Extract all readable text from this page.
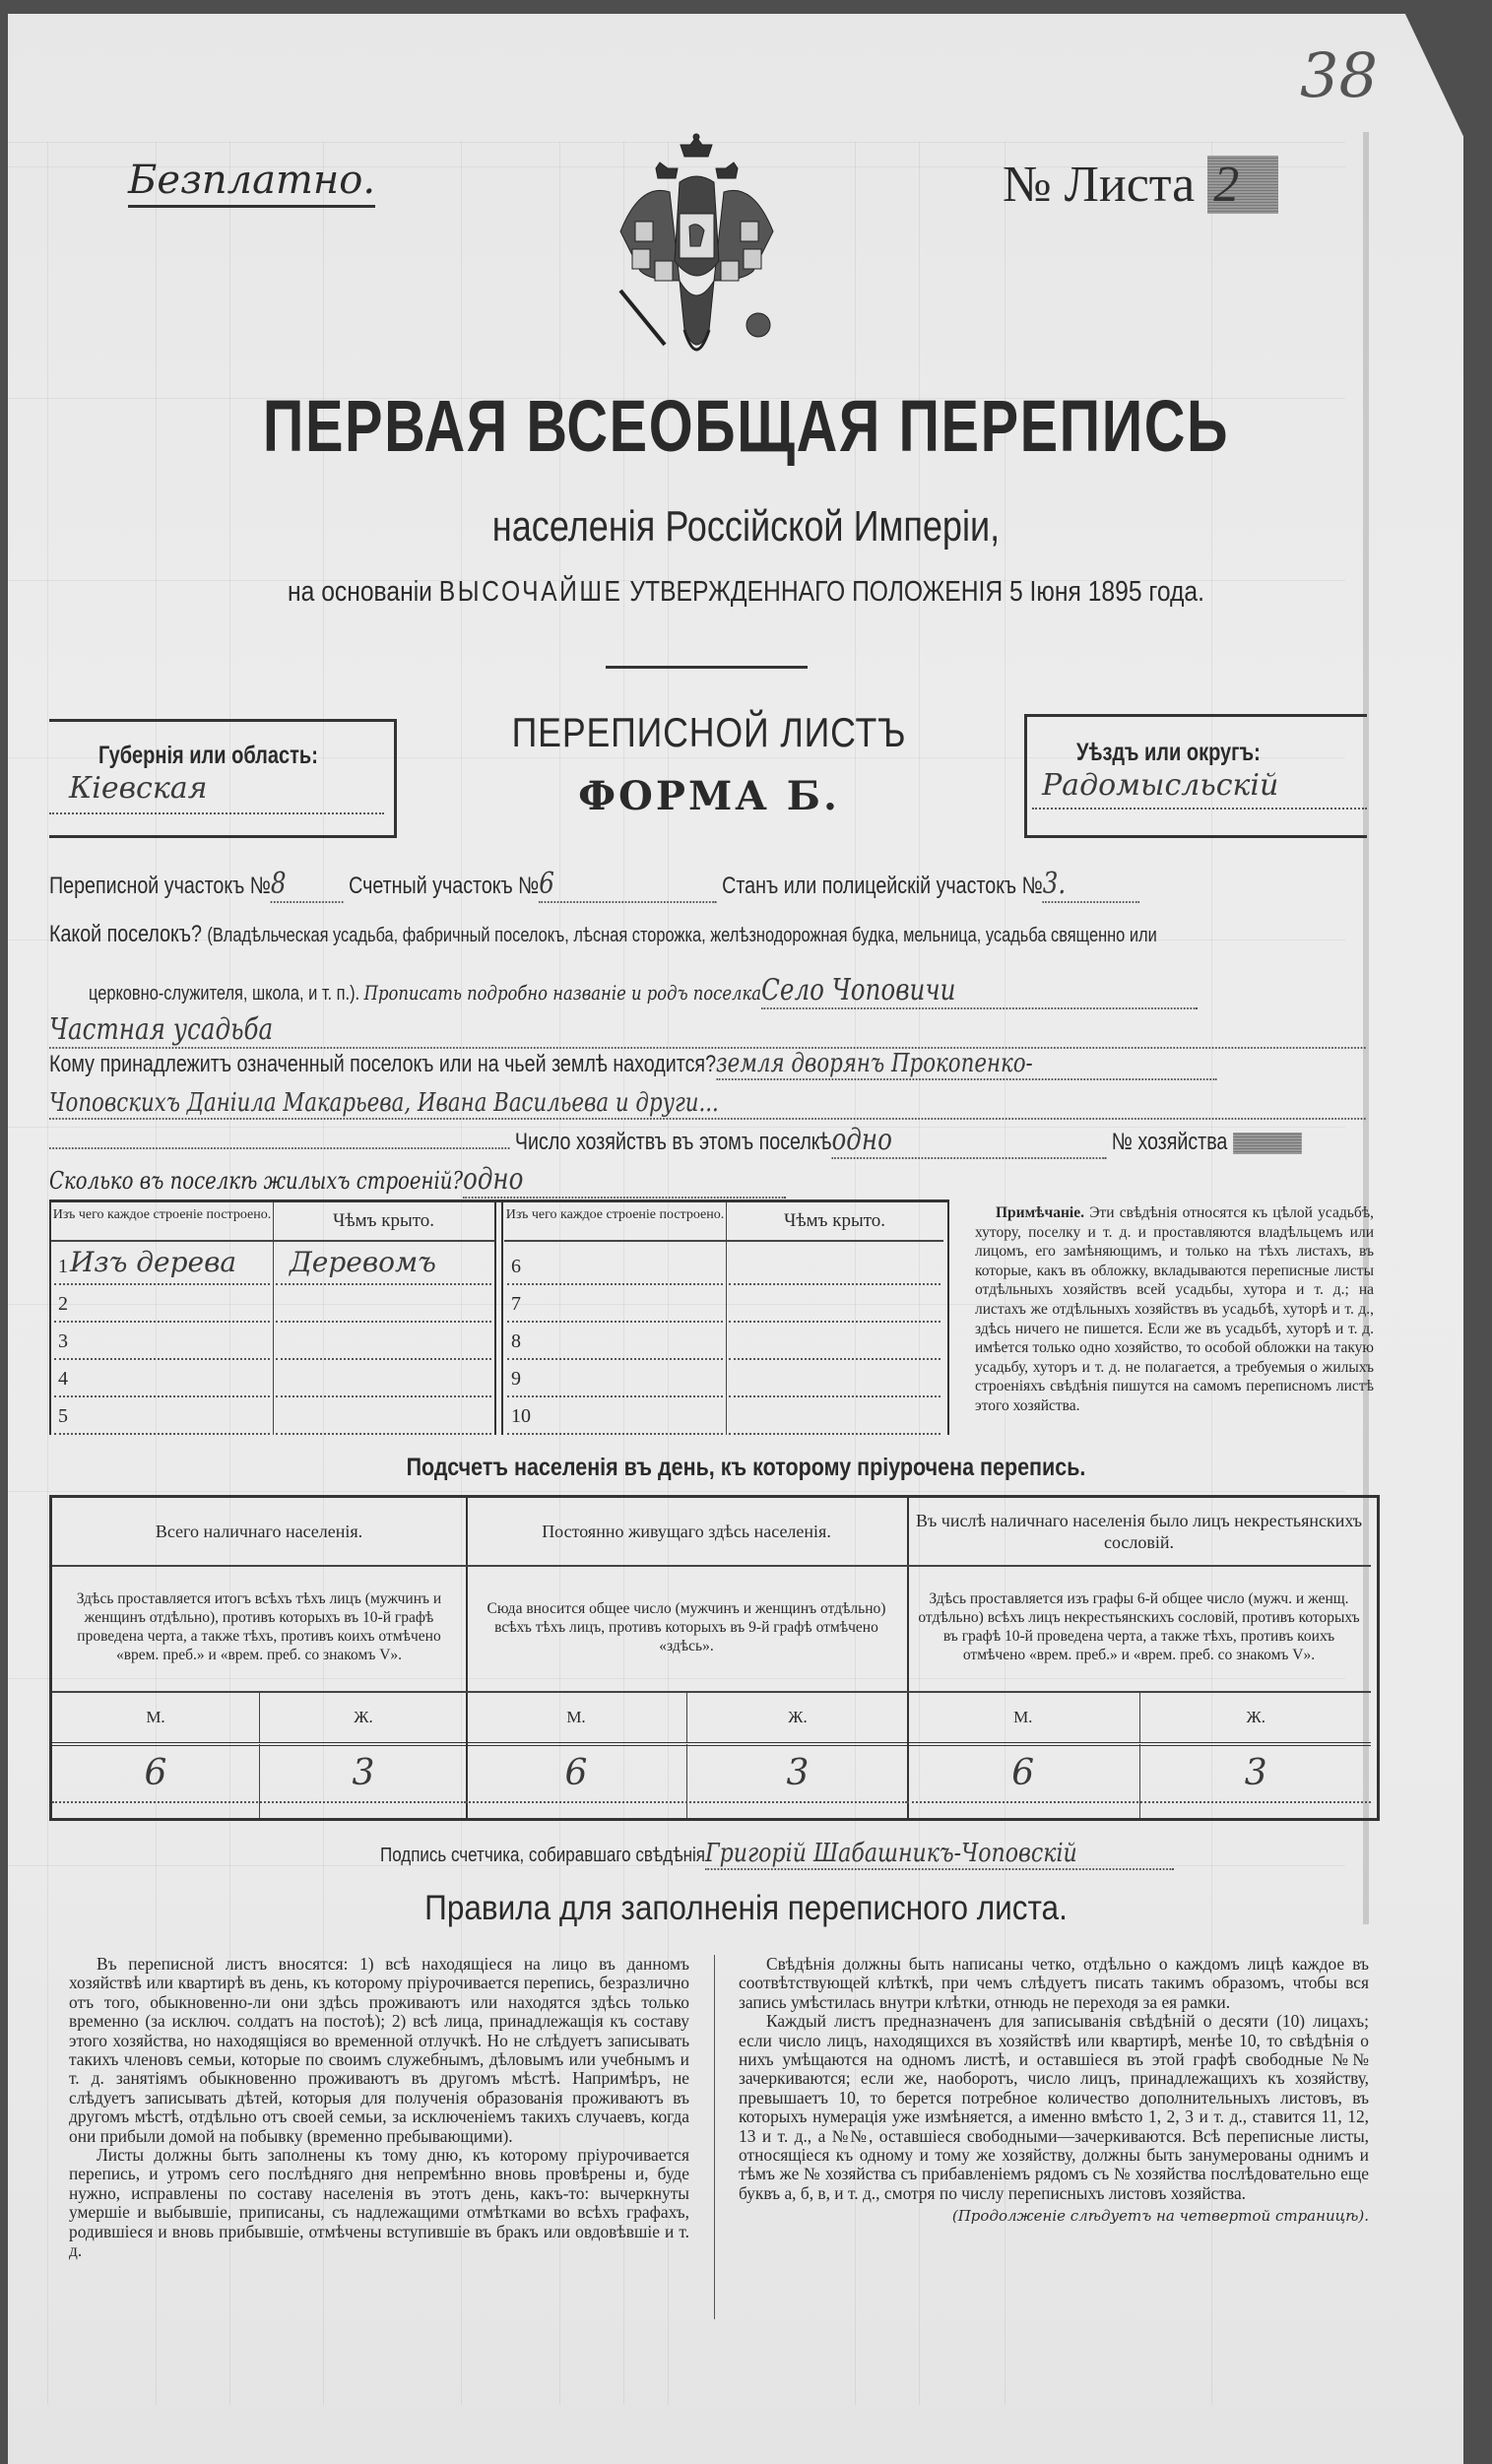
Безплатно.	№ Листа 2
38
ПЕРВАЯ ВСЕОБЩАЯ ПЕРЕПИСЬ
населенія Россійской Имперіи,
на основаніи ВЫСОЧАЙШЕ УТВЕРЖДЕННАГО ПОЛОЖЕНІЯ 5 Іюня 1895 года.
Губернія или область:
Кіевская
ПЕРЕПИСНОЙ ЛИСТЪ
ФОРМА Б.
Уѣздъ или округъ:
Радомысльскій
Переписной участокъ №8	Счетный участокъ №6	Станъ или полицейскій участокъ №3.
Какой поселокъ? (Владѣльческая усадьба, фабричный поселокъ, лѣсная сторожка, желѣзнодорожная будка, мельница, усадьба священно или
церковно-служителя, школа, и т. п.). Прописать подробно названіе и родъ поселкаСело Чоповичи
Частная усадьба
Кому принадлежитъ означенный поселокъ или на чьей землѣ находится?земля дворянъ Прокопенко-
Чоповскихъ Даніила Макарьева, Ивана Васильева и други...
Число хозяйствъ въ этомъ поселкѣодно	№ хозяйства
Сколько въ поселкѣ жилыхъ строеній?одно
Изъ чего каждое строеніе построено.	Чѣмъ крыто.	Изъ чего каждое строеніе построено.	Чѣмъ крыто.
1 Изъ дерева Деревомъ
2
3
4
5
6
7
8
9
10
Примѣчаніе. Эти свѣдѣнія относятся къ цѣлой усадьбѣ, хутору, поселку и т. д. и проставляются владѣльцемъ или лицомъ, его замѣняющимъ, и только на тѣхъ листахъ, въ которые, какъ въ обложку, вкладываются переписные листы отдѣльныхъ хозяйствъ всей усадьбы, хутора и т. д.; на листахъ же отдѣльныхъ хозяйствъ въ усадьбѣ, хуторѣ и т. д., здѣсь ничего не пишется. Если же въ усадьбѣ, хуторѣ и т. д. имѣется только одно хозяйство, то особой обложки на такую усадьбу, хуторъ и т. д. не полагается, а требуемыя о жилыхъ строеніяхъ свѣдѣнія пишутся на самомъ переписномъ листѣ этого хозяйства.
Подсчетъ населенія въ день, къ которому пріурочена перепись.
Всего наличнаго населенія.
Здѣсь проставляется итогъ всѣхъ тѣхъ лицъ (мужчинъ и женщинъ отдѣльно), противъ которыхъ въ 10-й графѣ проведена черта, а также тѣхъ, противъ коихъ отмѣчено «врем. преб.» и «врем. преб. со знакомъ V».
М.	Ж.
6	3
Постоянно живущаго здѣсь населенія.
Сюда вносится общее число (мужчинъ и женщинъ отдѣльно) всѣхъ тѣхъ лицъ, противъ которыхъ въ 9-й графѣ отмѣчено «здѣсь».
М.	Ж.
6	3
Въ числѣ наличнаго населенія было лицъ некрестьянскихъ сословій.
Здѣсь проставляется изъ графы 6-й общее число (мужч. и женщ. отдѣльно) всѣхъ лицъ некрестьянскихъ сословій, противъ которыхъ въ графѣ 10-й проведена черта, а также тѣхъ, противъ коихъ отмѣчено «врем. преб.» и «врем. преб. со знакомъ V».
М.	Ж.
6	3
Подпись счетчика, собиравшаго свѣдѣніяГригорій Шабашникъ-Чоповскій
Правила для заполненія переписного листа.

Въ переписной листъ вносятся: 1) всѣ находящіеся на лицо въ данномъ хозяйствѣ или квартирѣ въ день, къ которому пріурочивается перепись, безразлично отъ того, обыкновенно-ли они здѣсь проживаютъ или находятся здѣсь только временно (за исключ. солдатъ на постоѣ); 2) всѣ лица, принадлежащія къ составу этого хозяйства, но находящіяся во временной отлучкѣ. Но не слѣдуетъ записывать такихъ членовъ семьи, которые по своимъ служебнымъ, дѣловымъ или учебнымъ и т. д. занятіямъ обыкновенно проживаютъ въ другомъ мѣстѣ. Напримѣръ, не слѣдуетъ записывать дѣтей, которыя для полученія образованія проживаютъ въ другомъ мѣстѣ, отдѣльно отъ своей семьи, за исключеніемъ такихъ случаевъ, когда они прибыли домой на побывку (временно пребывающими).

Листы должны быть заполнены къ тому дню, къ которому пріурочивается перепись, и утромъ сего послѣдняго дня непремѣнно вновь провѣрены и, буде нужно, исправлены по составу населенія въ этотъ день, какъ-то: вычеркнуты умершіе и выбывшіе, приписаны, съ надлежащими отмѣтками во всѣхъ графахъ, родившіеся и вновь прибывшіе, отмѣчены вступившіе въ бракъ или овдовѣвшіе и т. д.

Свѣдѣнія должны быть написаны четко, отдѣльно о каждомъ лицѣ каждое въ соотвѣтствующей клѣткѣ, при чемъ слѣдуетъ писать такимъ образомъ, чтобы вся запись умѣстилась внутри клѣтки, отнюдь не переходя за ея рамки.

Каждый листъ предназначенъ для записыванія свѣдѣній о десяти (10) лицахъ; если число лицъ, находящихся въ хозяйствѣ или квартирѣ, менѣе 10, то свѣдѣнія о нихъ умѣщаются на одномъ листѣ, и оставшіеся въ этой графѣ свободные №№ зачеркиваются; если же, наоборотъ, число лицъ, принадлежащихъ къ хозяйству, превышаетъ 10, то берется потребное количество дополнительныхъ листовъ, въ которыхъ нумерація уже измѣняется, а именно вмѣсто 1, 2, 3 и т. д., ставится 11, 12, 13 и т. д., а №№, оставшіеся свободными—зачеркиваются. Всѣ переписные листы, относящіеся къ одному и тому же хозяйству, должны быть занумерованы однимъ и тѣмъ же № хозяйства съ прибавленіемъ рядомъ съ № хозяйства послѣдовательно еще буквъ а, б, в, и т. д., смотря по числу переписныхъ листовъ хозяйства.

(Продолженіе слѣдуетъ на четвертой страницѣ).
